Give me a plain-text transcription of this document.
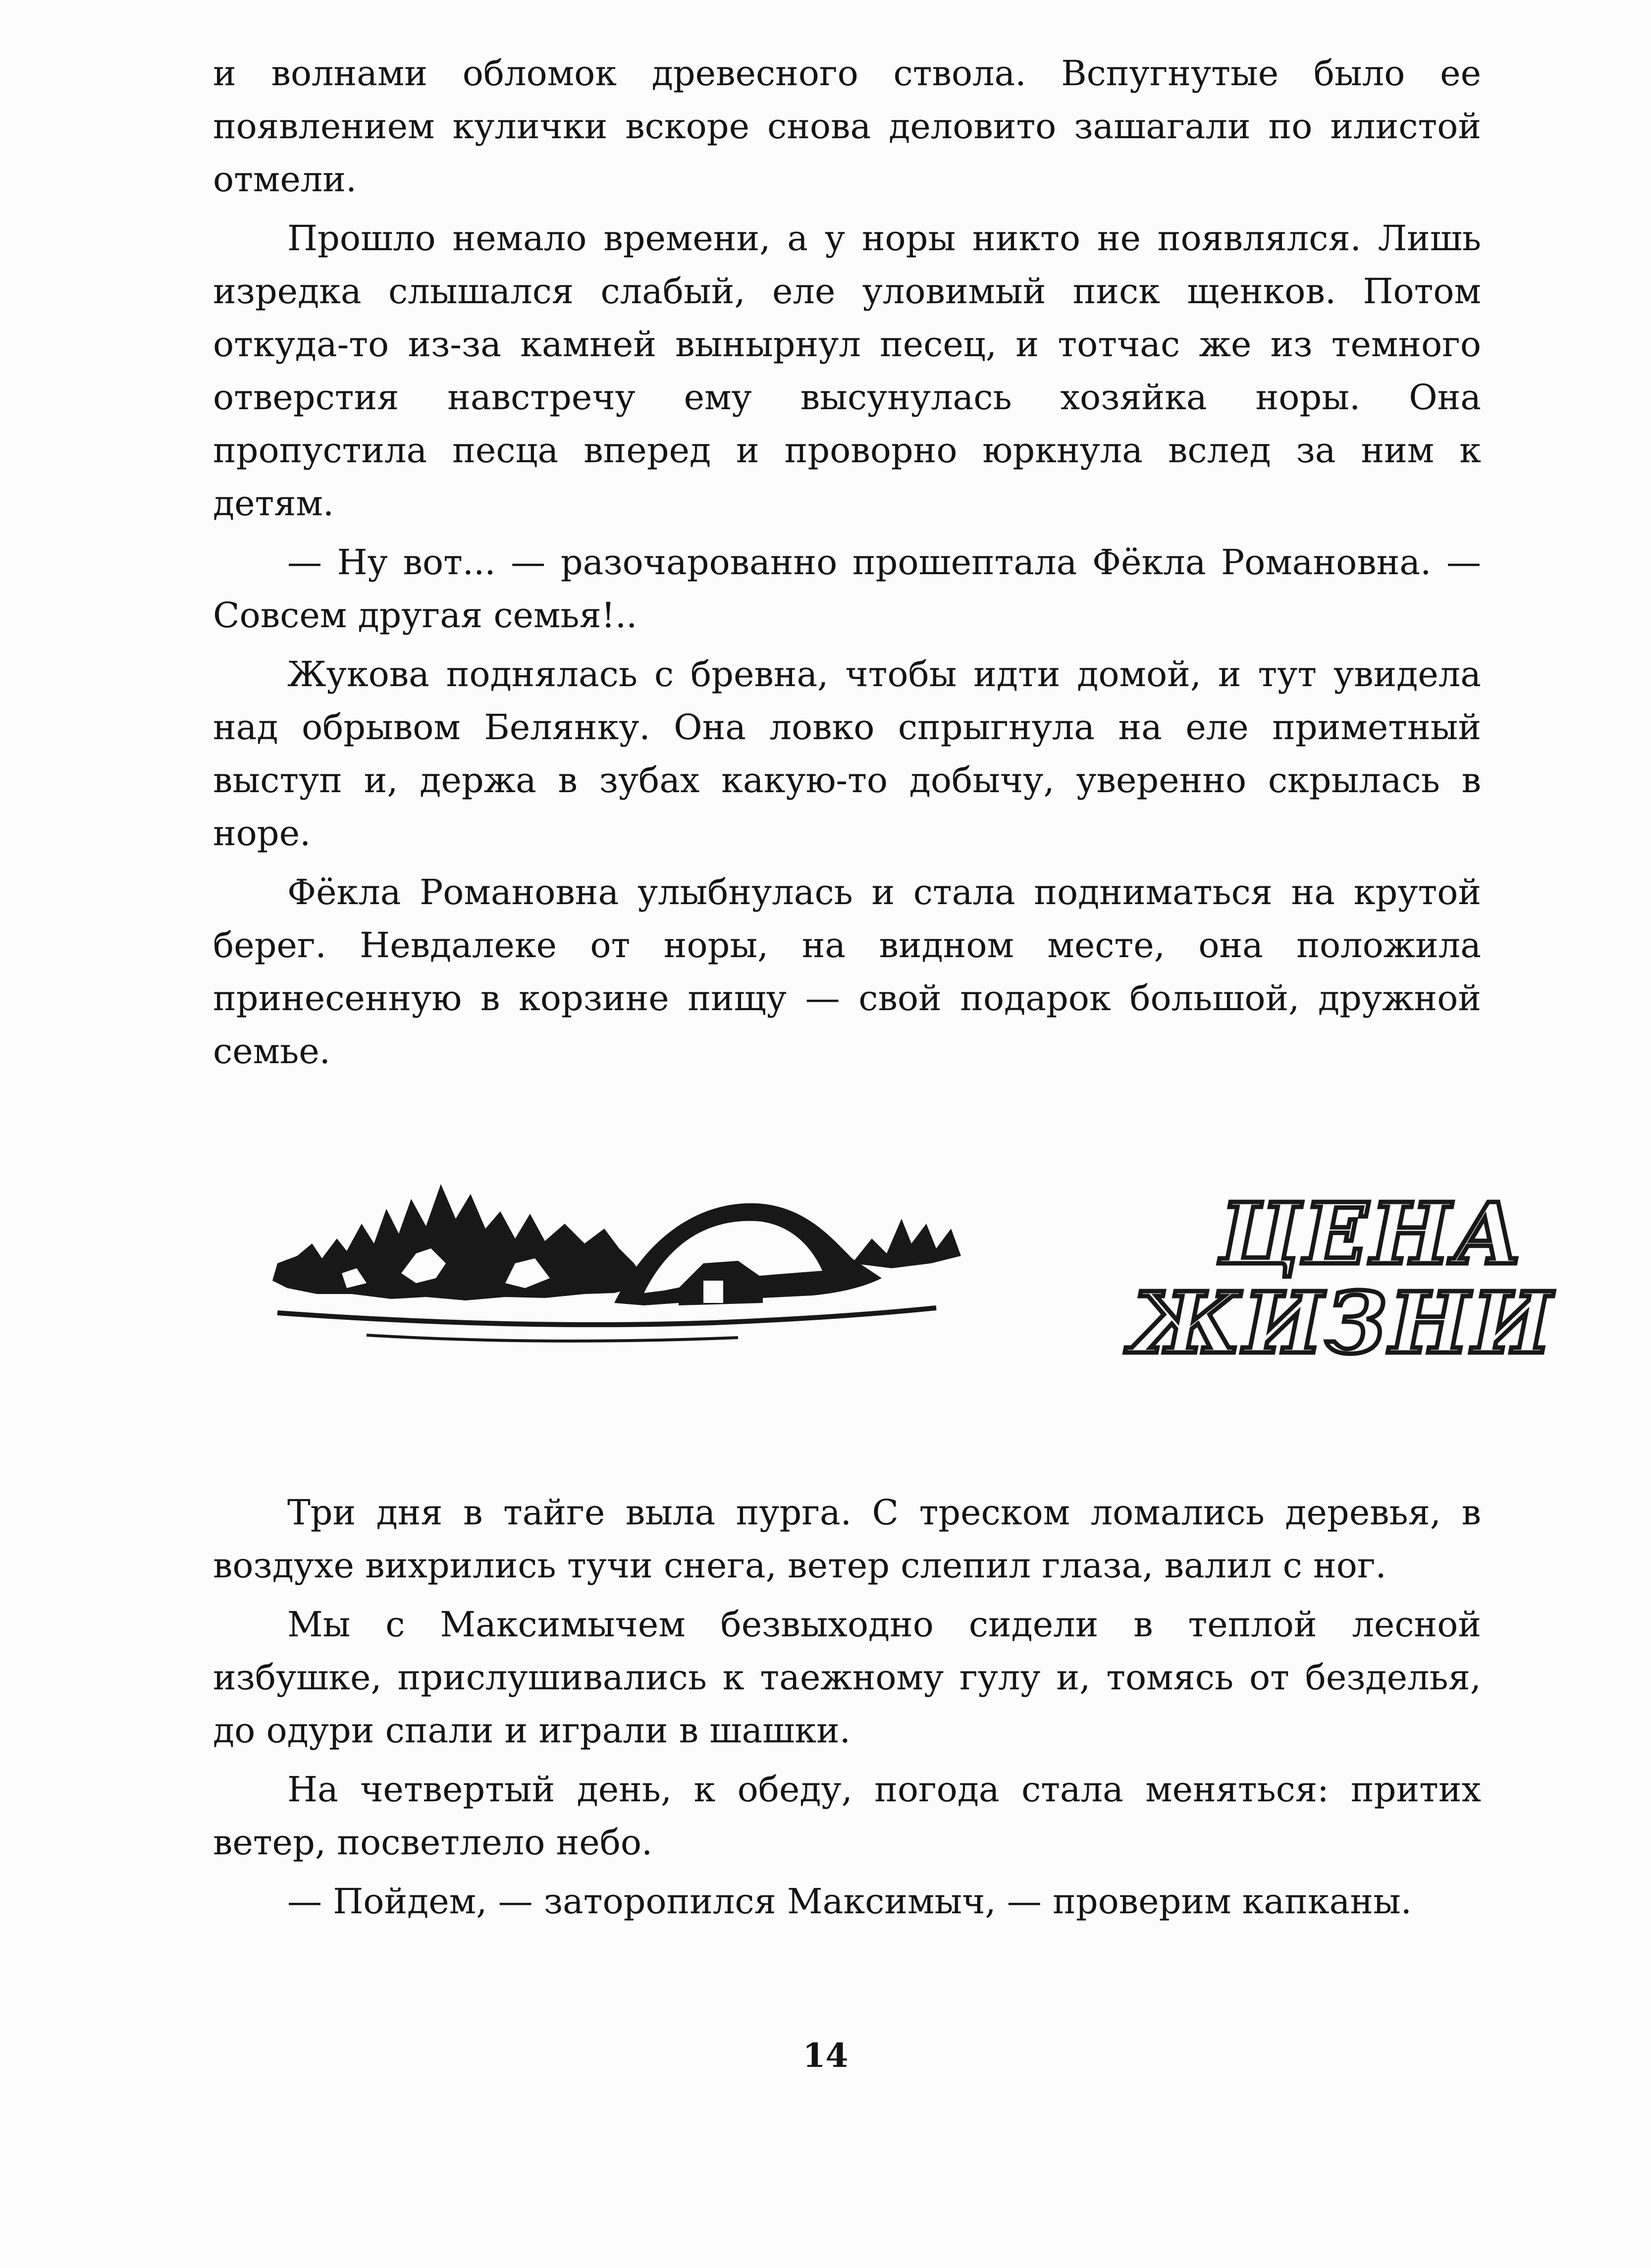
и волнами обломок древесного ствола. Вспугнутые было ее появлением кулички вскоре снова деловито зашагали по илистой отмели.

Прошло немало времени, а у норы никто не появлялся. Лишь изредка слышался слабый, еле уловимый писк щенков. Потом откуда-то из-за камней вынырнул песец, и тотчас же из темного отверстия навстречу ему высунулась хозяйка норы. Она пропустила песца вперед и проворно юркнула вслед за ним к детям.

— Ну вот... — разочарованно прошептала Фёкла Романовна. — Совсем другая семья!..

Жукова поднялась с бревна, чтобы идти домой, и тут увидела над обрывом Белянку. Она ловко спрыгнула на еле приметный выступ и, держа в зубах какую-то добычу, уверенно скрылась в норе.

Фёкла Романовна улыбнулась и стала подниматься на крутой берег. Невдалеке от норы, на видном месте, она положила принесенную в корзине пищу — свой подарок большой, дружной семье.

ЦЕНА
ЖИЗНИ

Три дня в тайге выла пурга. С треском ломались деревья, в воздухе вихрились тучи снега, ветер слепил глаза, валил с ног.

Мы с Максимычем безвыходно сидели в теплой лесной избушке, прислушивались к таежному гулу и, томясь от безделья, до одури спали и играли в шашки.

На четвертый день, к обеду, погода стала меняться: притих ветер, посветлело небо.

— Пойдем, — заторопился Максимыч, — проверим капканы.

14
